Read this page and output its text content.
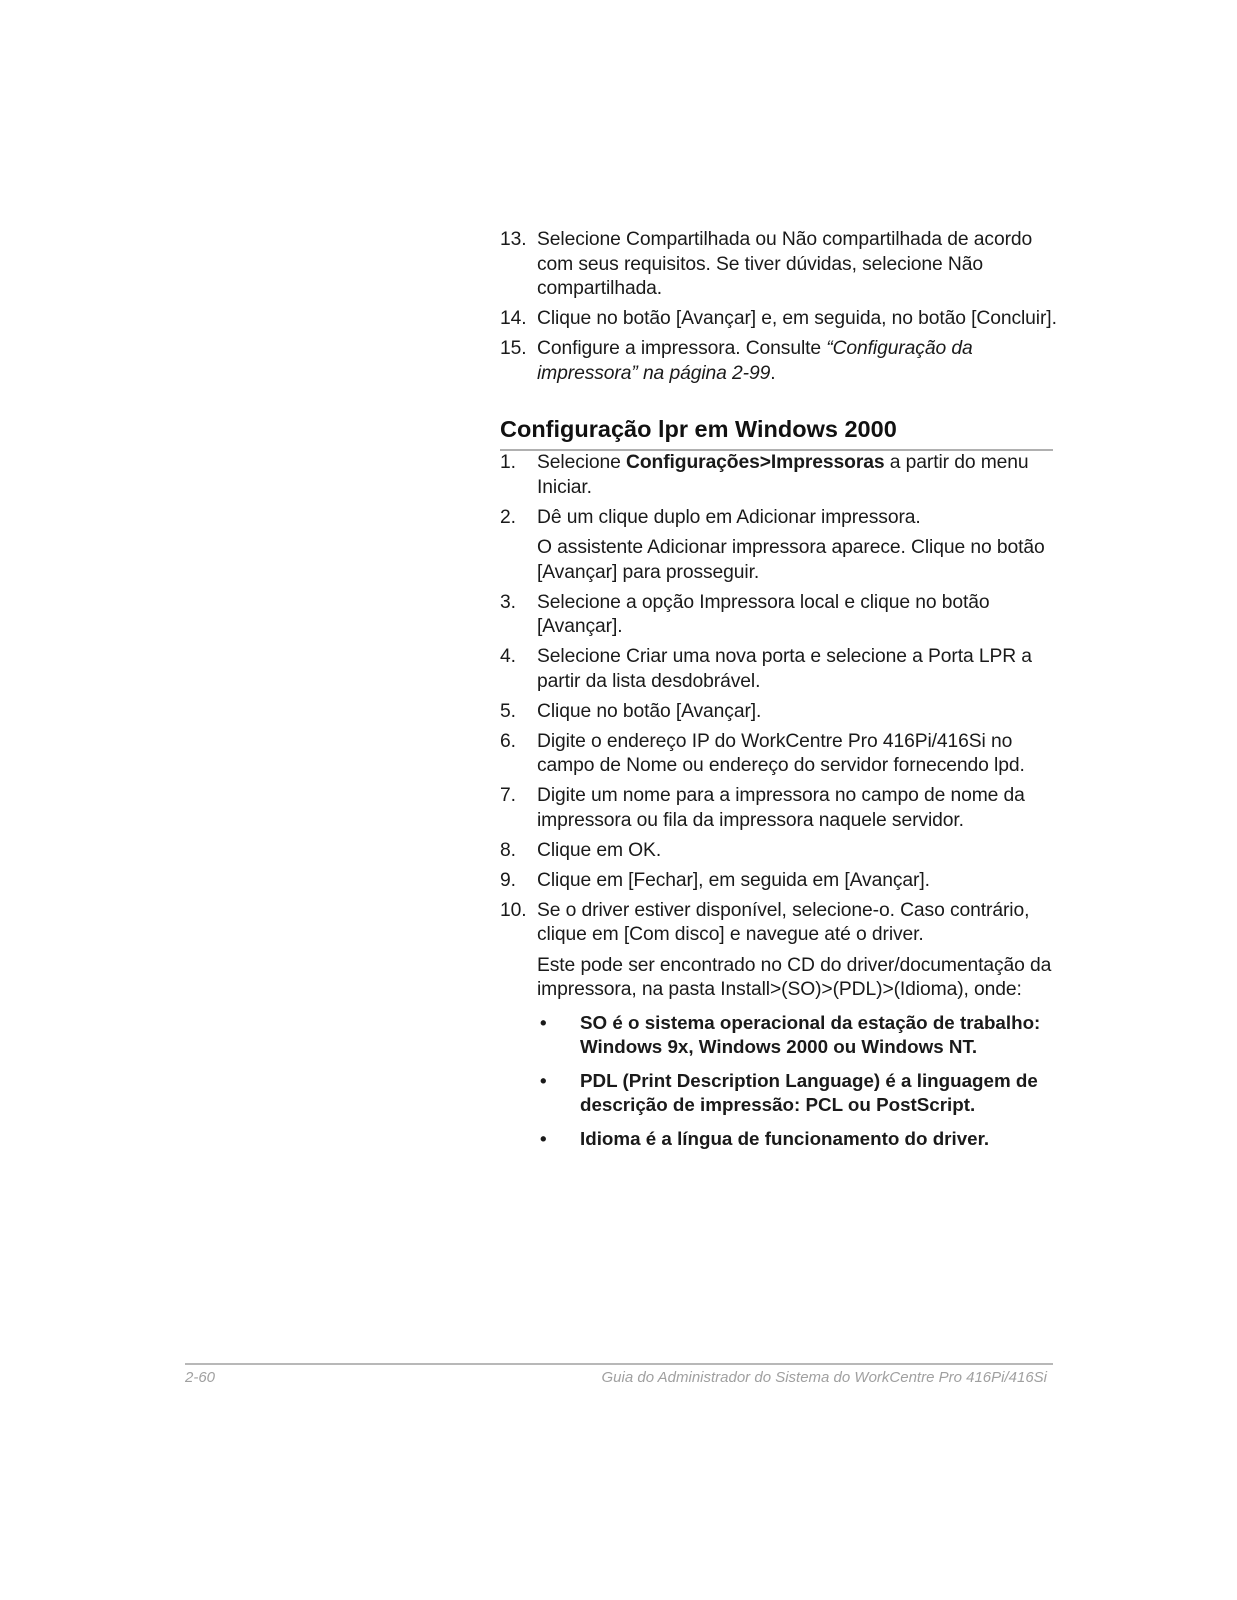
13. Selecione Compartilhada ou Não compartilhada de acordo com seus requisitos. Se tiver dúvidas, selecione Não compartilhada.
14. Clique no botão [Avançar] e, em seguida, no botão [Concluir].
15. Configure a impressora. Consulte “Configuração da impressora” na página 2-99.
Configuração lpr em Windows 2000
1. Selecione Configurações>Impressoras a partir do menu Iniciar.
2. Dê um clique duplo em Adicionar impressora.
O assistente Adicionar impressora aparece. Clique no botão [Avançar] para prosseguir.
3. Selecione a opção Impressora local e clique no botão [Avançar].
4. Selecione Criar uma nova porta e selecione a Porta LPR a partir da lista desdobrável.
5. Clique no botão [Avançar].
6. Digite o endereço IP do WorkCentre Pro 416Pi/416Si no campo de Nome ou endereço do servidor fornecendo lpd.
7. Digite um nome para a impressora no campo de nome da impressora ou fila da impressora naquele servidor.
8. Clique em OK.
9. Clique em [Fechar], em seguida em [Avançar].
10. Se o driver estiver disponível, selecione-o. Caso contrário, clique em [Com disco] e navegue até o driver.
Este pode ser encontrado no CD do driver/documentação da impressora, na pasta Install>(SO)>(PDL)>(Idioma), onde:
• SO é o sistema operacional da estação de trabalho: Windows 9x, Windows 2000 ou Windows NT.
• PDL (Print Description Language) é a linguagem de descrição de impressão: PCL ou PostScript.
• Idioma é a língua de funcionamento do driver.
2-60	Guia do Administrador do Sistema do WorkCentre Pro 416Pi/416Si
